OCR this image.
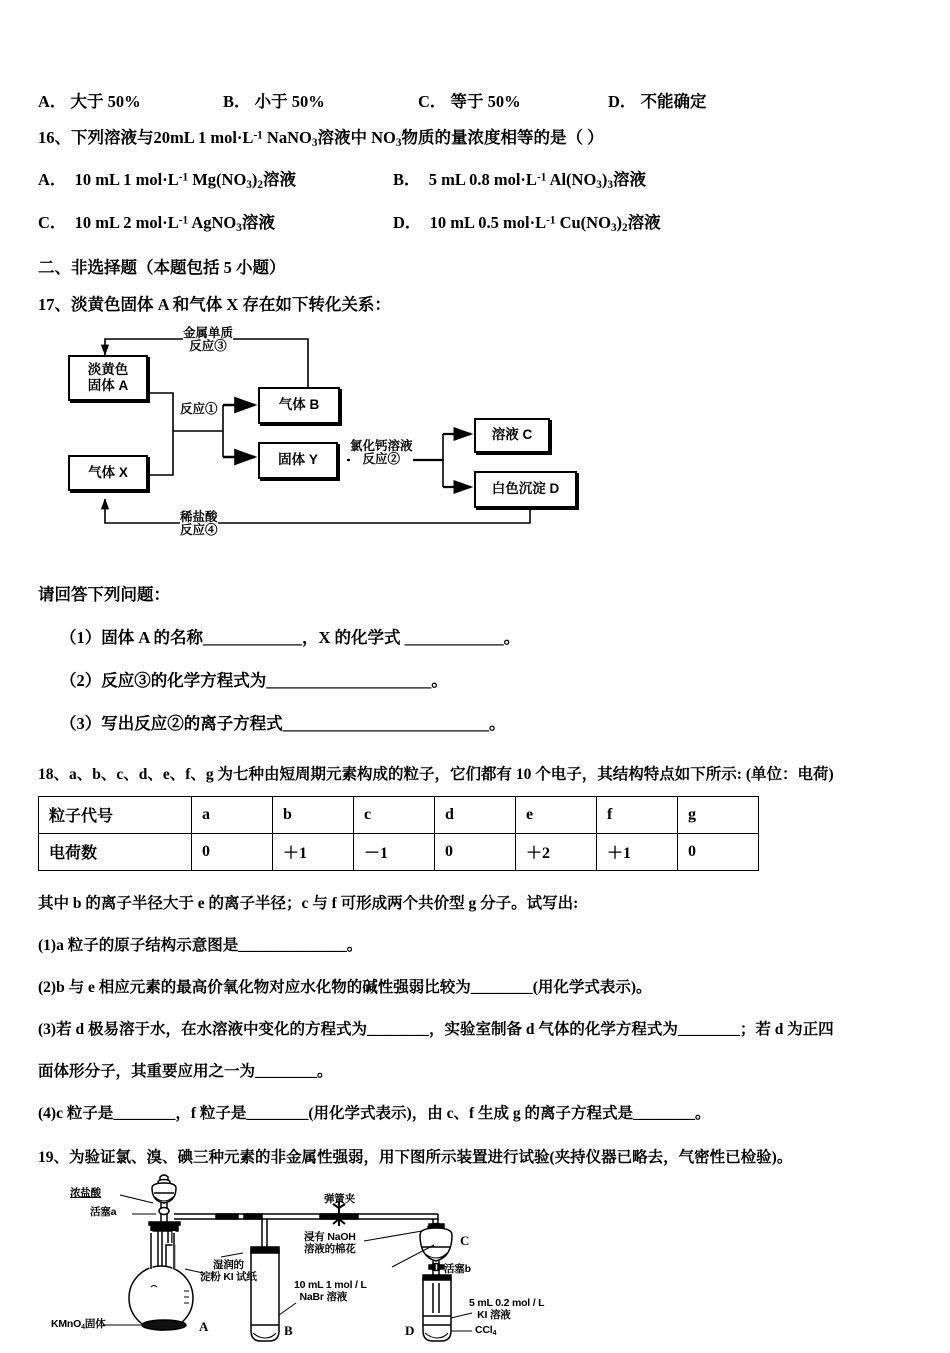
A． 大于 50%	B． 小于 50%	C． 等于 50%	D． 不能确定
16、下列溶液与20mL 1 $mol\cdot L^{-1}$ NaNO$_3$溶液中 $NO_3$物质的量浓度相等的是（ ）
A． 10 mL 1 $mol\cdot L^{-1}$ $Mg(NO_3)_2$溶液	B． 5 mL 0.8 $mol\cdot L^{-1}$ $Al(NO_3)_3$溶液
C． 10 mL 2 $mol\cdot L^{-1}$ AgNO$_3$溶液	D． 10 mL 0.5 $mol\cdot L^{-1}$ $Cu(NO_3)_2$溶液
二、非选择题（本题包括 5 小题）
17、淡黄色固体 A 和气体 X 存在如下转化关系：
淡黄色
固体 A
气体 X
气体 B
固体 Y
溶液 C
白色沉淀 D
金属单质
反应③
反应①
氯化钙溶液
反应②
稀盐酸
反应④
请回答下列问题：
（1）固体 A 的名称____________，X 的化学式 ____________。
（2）反应③的化学方程式为____________________。
（3）写出反应②的离子方程式_________________________。
18、a、b、c、d、e、f、g 为七种由短周期元素构成的粒子，它们都有 10 个电子，其结构特点如下所示: (单位：电荷)
粒子代号	a	b	c	d	e	f	g
电荷数	0	＋1	－1	0	＋2	＋1	0
其中 b 的离子半径大于 e 的离子半径；c 与 f 可形成两个共价型 g 分子。试写出:
(1)a 粒子的原子结构示意图是______________。
(2)b 与 e 相应元素的最高价氧化物对应水化物的碱性强弱比较为________(用化学式表示)。
(3)若 d 极易溶于水，在水溶液中变化的方程式为________，实验室制备 d 气体的化学方程式为________；若 d 为正四
面体形分子，其重要应用之一为________。
(4)c 粒子是________，f 粒子是________(用化学式表示)，由 c、f 生成 g 的离子方程式是________。
19、为验证氯、溴、碘三种元素的非金属性强弱，用下图所示装置进行试验(夹持仪器已略去，气密性已检验)。
浓盐酸
活塞a
湿润的
淀粉 KI 试纸
弹簧夹
浸有 NaOH
溶液的棉花
活塞b
10 mL 1 mol / L
NaBr 溶液	5 mL 0.2 mol / L
KI 溶液
CCl$_4$
KMnO$_4$固体	A	B	D
C
